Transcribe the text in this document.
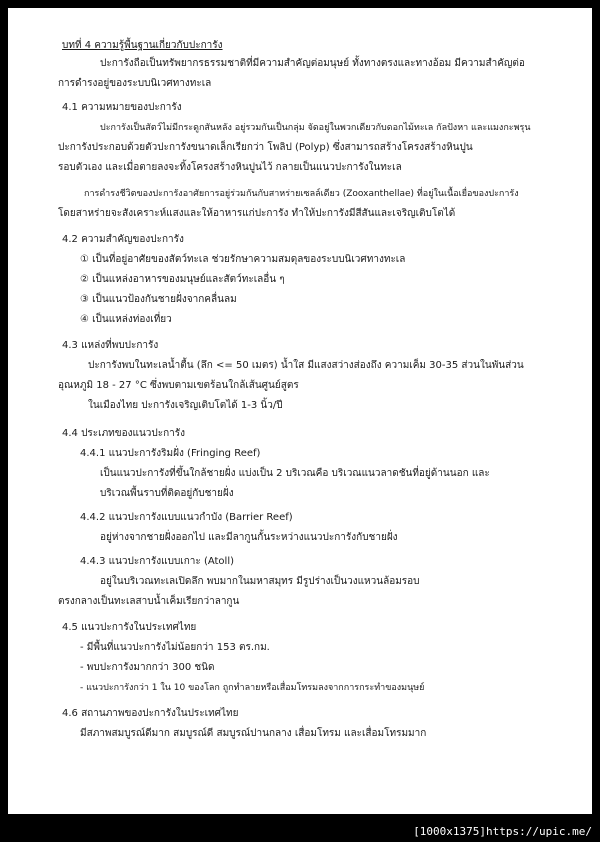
บทที่ 4 ความรู้พื้นฐานเกี่ยวกับปะการัง
ปะการังถือเป็นทรัพยากรธรรมชาติที่มีความสำคัญต่อมนุษย์ ทั้งทางตรงและทางอ้อม มีความสำคัญต่อ
การดำรงอยู่ของระบบนิเวศทางทะเล
4.1 ความหมายของปะการัง
ปะการังเป็นสัตว์ไม่มีกระดูกสันหลัง อยู่รวมกันเป็นกลุ่ม จัดอยู่ในพวกเดียวกับดอกไม้ทะเล กัลปังหา และแมงกะพรุน
ปะการังประกอบด้วยตัวปะการังขนาดเล็กเรียกว่า โพลิป (Polyp) ซึ่งสามารถสร้างโครงสร้างหินปูน
รอบตัวเอง และเมื่อตายลงจะทิ้งโครงสร้างหินปูนไว้ กลายเป็นแนวปะการังในทะเล
การดำรงชีวิตของปะการังอาศัยการอยู่ร่วมกันกับสาหร่ายเซลล์เดียว (Zooxanthellae) ที่อยู่ในเนื้อเยื่อของปะการัง
โดยสาหร่ายจะสังเคราะห์แสงและให้อาหารแก่ปะการัง ทำให้ปะการังมีสีสันและเจริญเติบโตได้
4.2 ความสำคัญของปะการัง
① เป็นที่อยู่อาศัยของสัตว์ทะเล ช่วยรักษาความสมดุลของระบบนิเวศทางทะเล
② เป็นแหล่งอาหารของมนุษย์และสัตว์ทะเลอื่น ๆ
③ เป็นแนวป้องกันชายฝั่งจากคลื่นลม
④ เป็นแหล่งท่องเที่ยว
4.3 แหล่งที่พบปะการัง
ปะการังพบในทะเลน้ำตื้น (ลึก <= 50 เมตร) น้ำใส มีแสงสว่างส่องถึง ความเค็ม 30-35 ส่วนในพันส่วน
อุณหภูมิ 18 - 27 °C ซึ่งพบตามเขตร้อนใกล้เส้นศูนย์สูตร
ในเมืองไทย ปะการังเจริญเติบโตได้ 1-3 นิ้ว/ปี
4.4 ประเภทของแนวปะการัง
4.4.1 แนวปะการังริมฝั่ง (Fringing Reef)
เป็นแนวปะการังที่ขึ้นใกล้ชายฝั่ง แบ่งเป็น 2 บริเวณคือ บริเวณแนวลาดชันที่อยู่ด้านนอก และ
บริเวณพื้นราบที่ติดอยู่กับชายฝั่ง
4.4.2 แนวปะการังแบบแนวกำบัง (Barrier Reef)
อยู่ห่างจากชายฝั่งออกไป และมีลากูนกั้นระหว่างแนวปะการังกับชายฝั่ง
4.4.3 แนวปะการังแบบเกาะ (Atoll)
อยู่ในบริเวณทะเลเปิดลึก พบมากในมหาสมุทร มีรูปร่างเป็นวงแหวนล้อมรอบ
ตรงกลางเป็นทะเลสาบน้ำเค็มเรียกว่าลากูน
4.5 แนวปะการังในประเทศไทย
- มีพื้นที่แนวปะการังไม่น้อยกว่า 153 ตร.กม.
- พบปะการังมากกว่า 300 ชนิด
- แนวปะการังกว่า 1 ใน 10 ของโลก ถูกทำลายหรือเสื่อมโทรมลงจากการกระทำของมนุษย์
4.6 สถานภาพของปะการังในประเทศไทย
มีสภาพสมบูรณ์ดีมาก สมบูรณ์ดี สมบูรณ์ปานกลาง เสื่อมโทรม และเสื่อมโทรมมาก
[1000x1375]https://upic.me/
